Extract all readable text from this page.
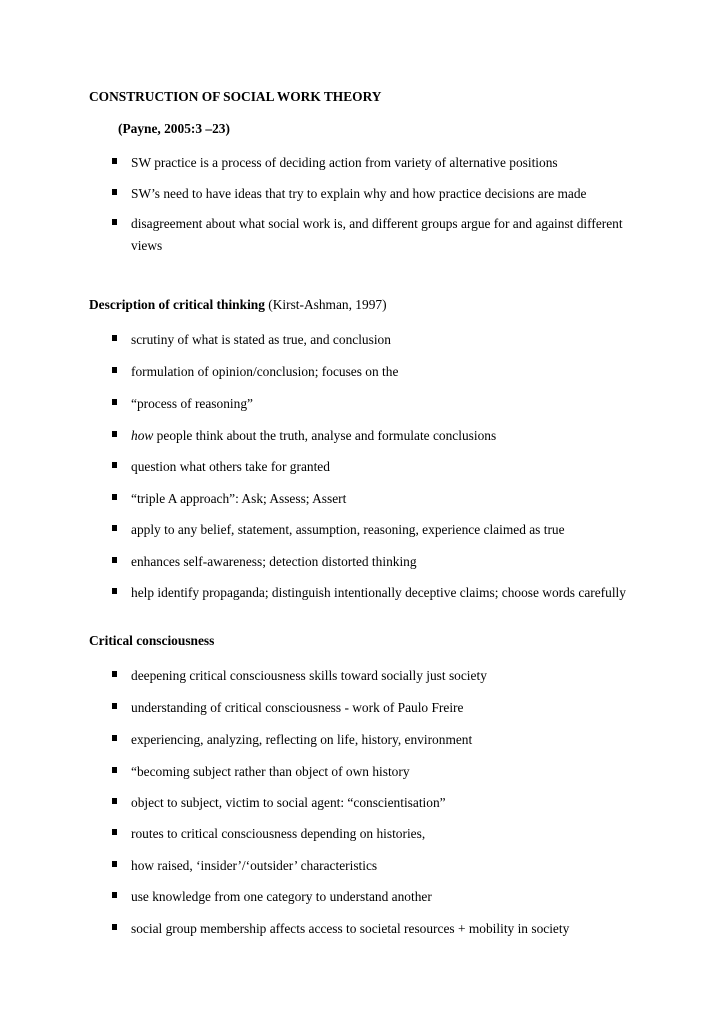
CONSTRUCTION OF SOCIAL WORK THEORY
(Payne, 2005:3 –23)
SW practice is a process of deciding action from variety of alternative positions
SW’s need to have ideas that try to explain why and how practice decisions are made
disagreement about what social work is, and different groups argue for and against different views
Description of critical thinking (Kirst-Ashman, 1997)
scrutiny of what is stated as true, and conclusion
formulation of opinion/conclusion; focuses on the
“process of reasoning”
how people think about the truth, analyse and formulate conclusions
question what others take for granted
“triple A approach”: Ask; Assess; Assert
apply to any belief, statement, assumption, reasoning, experience claimed as true
enhances self-awareness; detection distorted thinking
help identify propaganda; distinguish intentionally deceptive claims; choose words carefully
Critical consciousness
deepening critical consciousness skills toward socially just society
understanding of critical consciousness - work of Paulo Freire
experiencing, analyzing, reflecting on life, history, environment
“becoming subject rather than object of own history
object to subject, victim to social agent: “conscientisation”
routes to critical consciousness depending on histories,
how raised, ‘insider’/‘outsider’ characteristics
use knowledge from one category to understand another
social group membership affects access to societal resources + mobility in society
